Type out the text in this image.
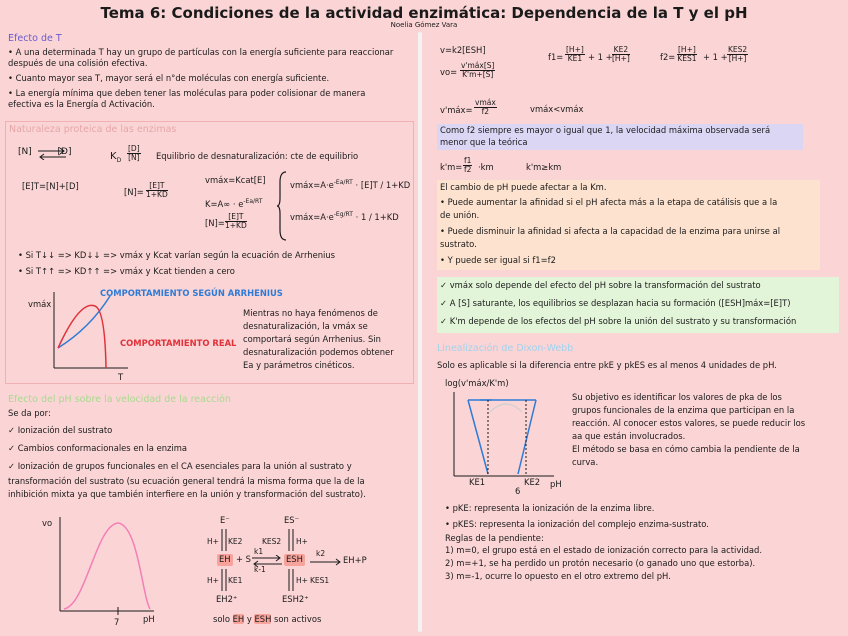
Tema 6: Condiciones de la actividad enzimática: Dependencia de la T y el pH
Noelia Gómez Vara
Efecto de T
• A una determinada T hay un grupo de partículas con la energía suficiente para reaccionar
después de una colisión efectiva.
• Cuanto mayor sea T, mayor será el n°de moléculas con energía suficiente.
• La energía mínima que deben tener las moléculas para poder colisionar de manera
efectiva es la Energía d Activación.
Naturaleza proteica de las enzimas
[N]         [D]	$K_D \frac{[D]}{[N]}$ Equilibrio de desnaturalización: cte de equilibrio
[E]T=[N]+[D]
$[N]= \frac{[E]T}{1+KD}$
vmáx=Kcat[E]
$K=A\infty \cdot e^{-Ea/RT}$
$[N]= \frac{[E]T}{1+KD}$
$vmáx=A\cdot e^{-Ea/RT} \cdot [E]T / 1+KD$
$vmáx=A\cdot e^{-Eg/RT} \cdot 1 / 1+KD$
• Si T↓↓ => KD↓↓ => vmáx y Kcat varían según la ecuación de Arrhenius
• Si T↑↑ => KD↑↑ => vmáx y Kcat tienden a cero
vmáx
T
COMPORTAMIENTO SEGÚN ARRHENIUS
COMPORTAMIENTO REAL
Mientras no haya fenómenos de
desnaturalización, la vmáx se
comportará según Arrhenius. Sin
desnaturalización podemos obtener
Ea y parámetros cinéticos.
Efecto del pH sobre la velocidad de la reacción
Se da por:
✓ Ionización del sustrato
✓ Cambios conformacionales en la enzima
✓ Ionización de grupos funcionales en el CA esenciales para la unión al sustrato y
transformación del sustrato (su ecuación general tendrá la misma forma que la de la
inhibición mixta ya que también interfiere en la unión y transformación del sustrato).
vo
pH
7
E⁻	ES⁻
H+ KE2	KES2 H+
EH + S
k1
k-1
ESH
k2
EH+P
H+ KE1	H+ KES1
EH2⁺	ESH2⁺
solo EH y ESH son activos
v=k2[ESH]
vo=
v'máx[S]
K'm+[S]
$f1= \frac{[H+]}{KE1} + 1 + \frac{KE2}{[H+]}$	f2=
[H+]
KES1 + 1 +
KES2
[H+]
v'máx=
vmáx
f2	vmáx<vmáx
Como f2 siempre es mayor o igual que 1, la velocidad máxima observada será
menor que la teórica
$k'm= \frac{f1}{f2} \cdot km$	k'm≥km
El cambio de pH puede afectar a la Km.
• Puede aumentar la afinidad si el pH afecta más a la etapa de catálisis que a la
de unión.
• Puede disminuir la afinidad si afecta a la capacidad de la enzima para unirse al
sustrato.
• Y puede ser igual si f1=f2
✓ vmáx solo depende del efecto del pH sobre la transformación del sustrato
✓ A [S] saturante, los equilibrios se desplazan hacia su formación ([ESH]máx=[E]T)
✓ K'm depende de los efectos del pH sobre la unión del sustrato y su transformación
Linealización de Dixon-Webb
Solo es aplicable si la diferencia entre pkE y pkES es al menos 4 unidades de pH.
log(v'máx/K'm)
KE1	KE2
6
pH
Su objetivo es identificar los valores de pka de los
grupos funcionales de la enzima que participan en la
reacción. Al conocer estos valores, se puede reducir los
aa que están involucrados.
El método se basa en cómo cambia la pendiente de la
curva.
• pKE: representa la ionización de la enzima libre.
• pKES: representa la ionización del complejo enzima-sustrato.
Reglas de la pendiente:
1) m=0, el grupo está en el estado de ionización correcto para la actividad.
2) m=+1, se ha perdido un protón necesario (o ganado uno que estorba).
3) m=-1, ocurre lo opuesto en el otro extremo del pH.
